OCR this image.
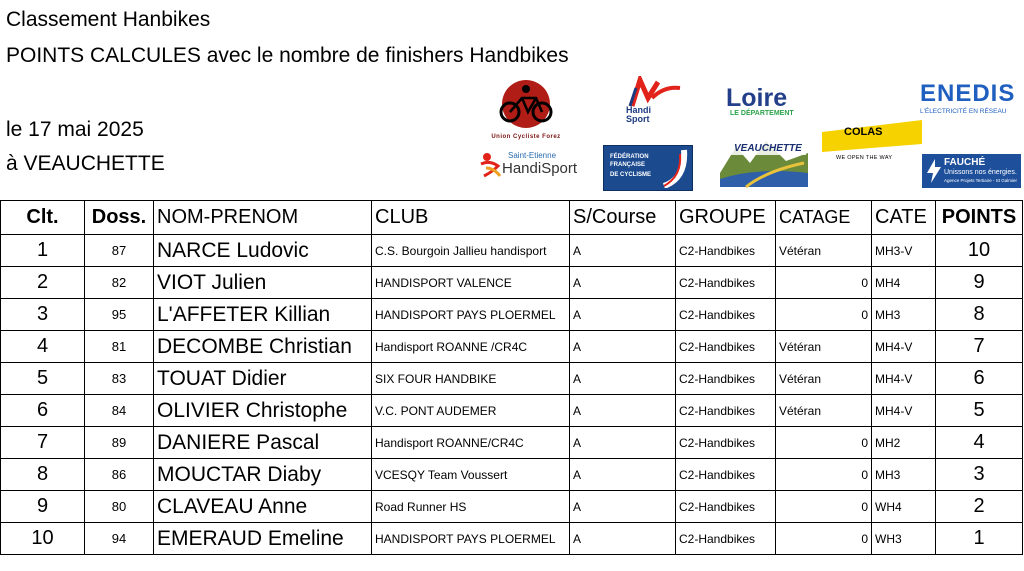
Classement Hanbikes
POINTS CALCULES avec le nombre de finishers Handbikes
le 17 mai 2025
à VEAUCHETTE
Union Cycliste Forez
Saint-Etienne
HandiSport
Handi
Sport
FÉDÉRATION
FRANÇAISE
DE CYCLISME
Loire
LE DÉPARTEMENT
VEAUCHETTE
COLAS
WE OPEN THE WAY
ENEDIS
L'ÉLECTRICITÉ EN RÉSEAU
FAUCHÉ
Unissons nos énergies.
Agence Projets Tertiaire - St Galmier
Clt.	Doss.	NOM-PRENOM	CLUB	S/Course	GROUPE	CATAGE	CATE	POINTS
1	87	NARCE Ludovic	C.S. Bourgoin Jallieu handisport	A	C2-Handbikes	Vétéran	MH3-V	10
2	82	VIOT Julien	HANDISPORT VALENCE	A	C2-Handbikes	0	MH4	9
3	95	L'AFFETER Killian	HANDISPORT PAYS PLOERMEL	A	C2-Handbikes	0	MH3	8
4	81	DECOMBE Christian	Handisport ROANNE /CR4C	A	C2-Handbikes	Vétéran	MH4-V	7
5	83	TOUAT Didier	SIX FOUR HANDBIKE	A	C2-Handbikes	Vétéran	MH4-V	6
6	84	OLIVIER Christophe	V.C. PONT AUDEMER	A	C2-Handbikes	Vétéran	MH4-V	5
7	89	DANIERE Pascal	Handisport ROANNE/CR4C	A	C2-Handbikes	0	MH2	4
8	86	MOUCTAR Diaby	VCESQY Team Voussert	A	C2-Handbikes	0	MH3	3
9	80	CLAVEAU Anne	Road Runner HS	A	C2-Handbikes	0	WH4	2
10	94	EMERAUD Emeline	HANDISPORT PAYS PLOERMEL	A	C2-Handbikes	0	WH3	1
